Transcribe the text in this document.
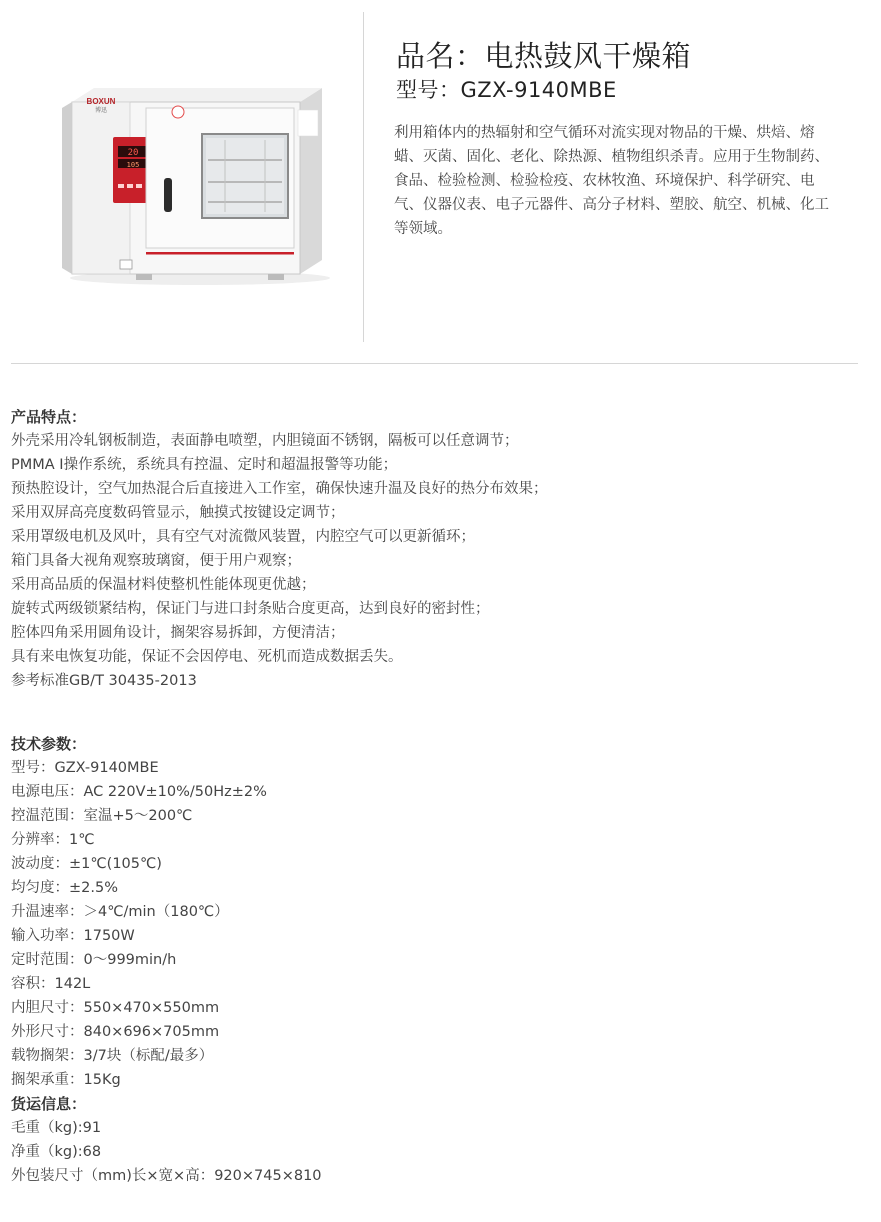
BOXUN
博迅
20
105
品名：电热鼓风干燥箱
型号：GZX-9140MBE
利用箱体内的热辐射和空气循环对流实现对物品的干燥、烘焙、熔蜡、灭菌、固化、老化、除热源、植物组织杀青。应用于生物制药、食品、检验检测、检验检疫、农林牧渔、环境保护、科学研究、电气、仪器仪表、电子元器件、高分子材料、塑胶、航空、机械、化工等领域。
产品特点：
外壳采用冷轧钢板制造，表面静电喷塑，内胆镜面不锈钢，隔板可以任意调节；
PMMA I操作系统，系统具有控温、定时和超温报警等功能；
预热腔设计，空气加热混合后直接进入工作室，确保快速升温及良好的热分布效果；
采用双屏高亮度数码管显示，触摸式按键设定调节；
采用罩级电机及风叶，具有空气对流微风装置，内腔空气可以更新循环；
箱门具备大视角观察玻璃窗，便于用户观察；
采用高品质的保温材料使整机性能体现更优越；
旋转式两级锁紧结构，保证门与进口封条贴合度更高，达到良好的密封性；
腔体四角采用圆角设计，搁架容易拆卸，方便清洁；
具有来电恢复功能，保证不会因停电、死机而造成数据丢失。
参考标准GB/T 30435-2013
技术参数：
型号：GZX-9140MBE
电源电压：AC 220V±10%/50Hz±2%
控温范围：室温+5～200℃
分辨率：1℃
波动度：±1℃(105℃)
均匀度：±2.5%
升温速率：＞4℃/min（180℃）
输入功率：1750W
定时范围：0～999min/h
容积：142L
内胆尺寸：550×470×550mm
外形尺寸：840×696×705mm
载物搁架：3/7块（标配/最多）
搁架承重：15Kg
货运信息：
毛重（kg):91
净重（kg):68
外包装尺寸（mm)长×宽×高：920×745×810
